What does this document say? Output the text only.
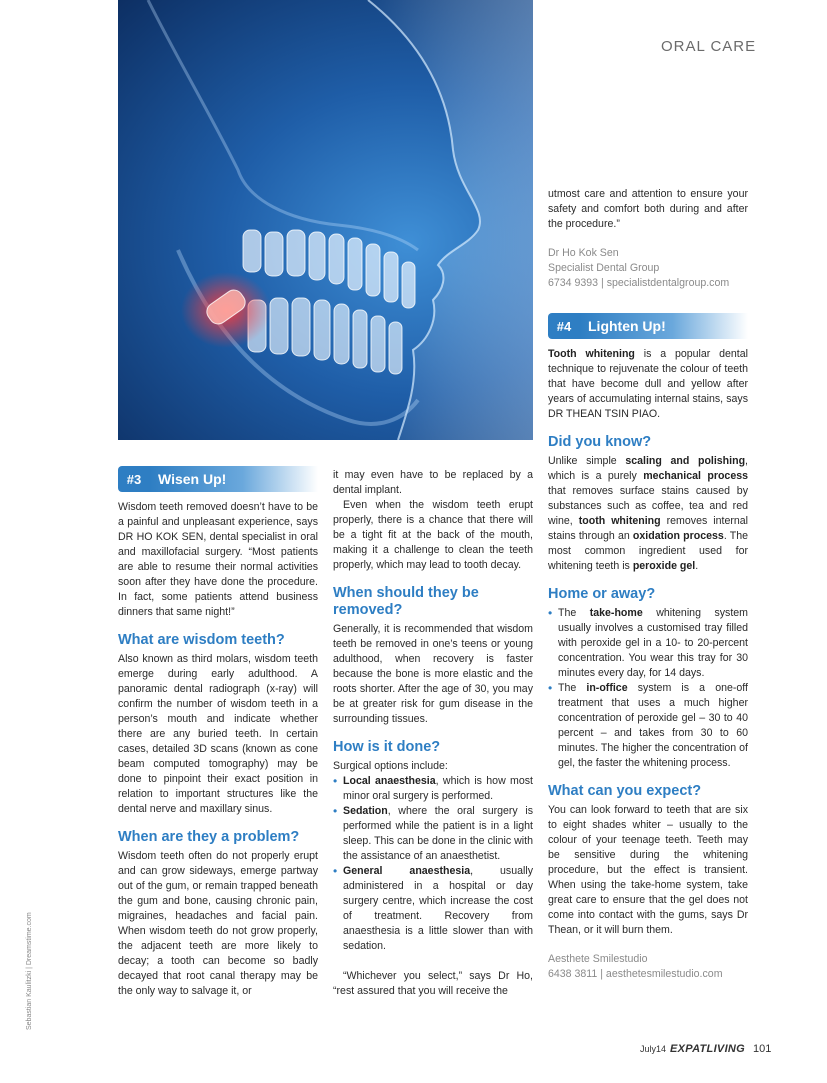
ORAL CARE
#3	Wisen Up!

Wisdom teeth removed doesn’t have to be a painful and unpleasant experience, says DR HO KOK SEN, dental specialist in oral and maxillofacial surgery. “Most patients are able to resume their normal activities soon after they have done the procedure. In fact, some patients attend business dinners that same night!”

What are wisdom teeth?

Also known as third molars, wisdom teeth emerge during early adulthood. A panoramic dental radiograph (x-ray) will confirm the number of wisdom teeth in a person’s mouth and indicate whether there are any buried teeth. In certain cases, detailed 3D scans (known as cone beam computed tomography) may be done to pinpoint their exact position in relation to important structures like the dental nerve and maxillary sinus.

When are they a problem?

Wisdom teeth often do not properly erupt and can grow sideways, emerge partway out of the gum, or remain trapped beneath the gum and bone, causing chronic pain, migraines, headaches and facial pain. When wisdom teeth do not grow properly, the adjacent teeth are more likely to decay; a tooth can become so badly decayed that root canal therapy may be the only way to salvage it, or

it may even have to be replaced by a dental implant.

Even when the wisdom teeth erupt properly, there is a chance that there will be a tight fit at the back of the mouth, making it a challenge to clean the teeth properly, which may lead to tooth decay.

When should they be removed?

Generally, it is recommended that wisdom teeth be removed in one’s teens or young adulthood, when recovery is faster because the bone is more elastic and the roots shorter. After the age of 30, you may be at greater risk for gum disease in the surrounding tissues.

How is it done?

Surgical options include:

• Local anaesthesia, which is how most minor oral surgery is performed.
• Sedation, where the oral surgery is performed while the patient is in a light sleep. This can be done in the clinic with the assistance of an anaesthetist.
• General anaesthesia, usually administered in a hospital or day surgery centre, which increase the cost of treatment. Recovery from anaesthesia is a little slower than with sedation.

“Whichever you select,” says Dr Ho, “rest assured that you will receive the

utmost care and attention to ensure your safety and comfort both during and after the procedure.”

Dr Ho Kok Sen
Specialist Dental Group
6734 9393 | specialistdentalgroup.com
#4	Lighten Up!

Tooth whitening is a popular dental technique to rejuvenate the colour of teeth that have become dull and yellow after years of accumulating internal stains, says DR THEAN TSIN PIAO.

Did you know?

Unlike simple scaling and polishing, which is a purely mechanical process that removes surface stains caused by substances such as coffee, tea and red wine, tooth whitening removes internal stains through an oxidation process. The most common ingredient used for whitening teeth is peroxide gel.

Home or away?
• The take-home whitening system usually involves a customised tray filled with peroxide gel in a 10- to 20-percent concentration. You wear this tray for 30 minutes every day, for 14 days.
• The in-office system is a one-off treatment that uses a much higher concentration of peroxide gel – 30 to 40 percent – and takes from 30 to 60 minutes. The higher the concentration of gel, the faster the whitening process.
What can you expect?

You can look forward to teeth that are six to eight shades whiter – usually to the colour of your teenage teeth. Teeth may be sensitive during the whitening procedure, but the effect is transient. When using the take-home system, take great care to ensure that the gel does not come into contact with the gums, says Dr Thean, or it will burn them.

Aesthete Smilestudio
6438 3811 | aesthetesmilestudio.com
Sebastian Kaulitzki | Dreamstime.com
July14 EXPATLIVING 101
